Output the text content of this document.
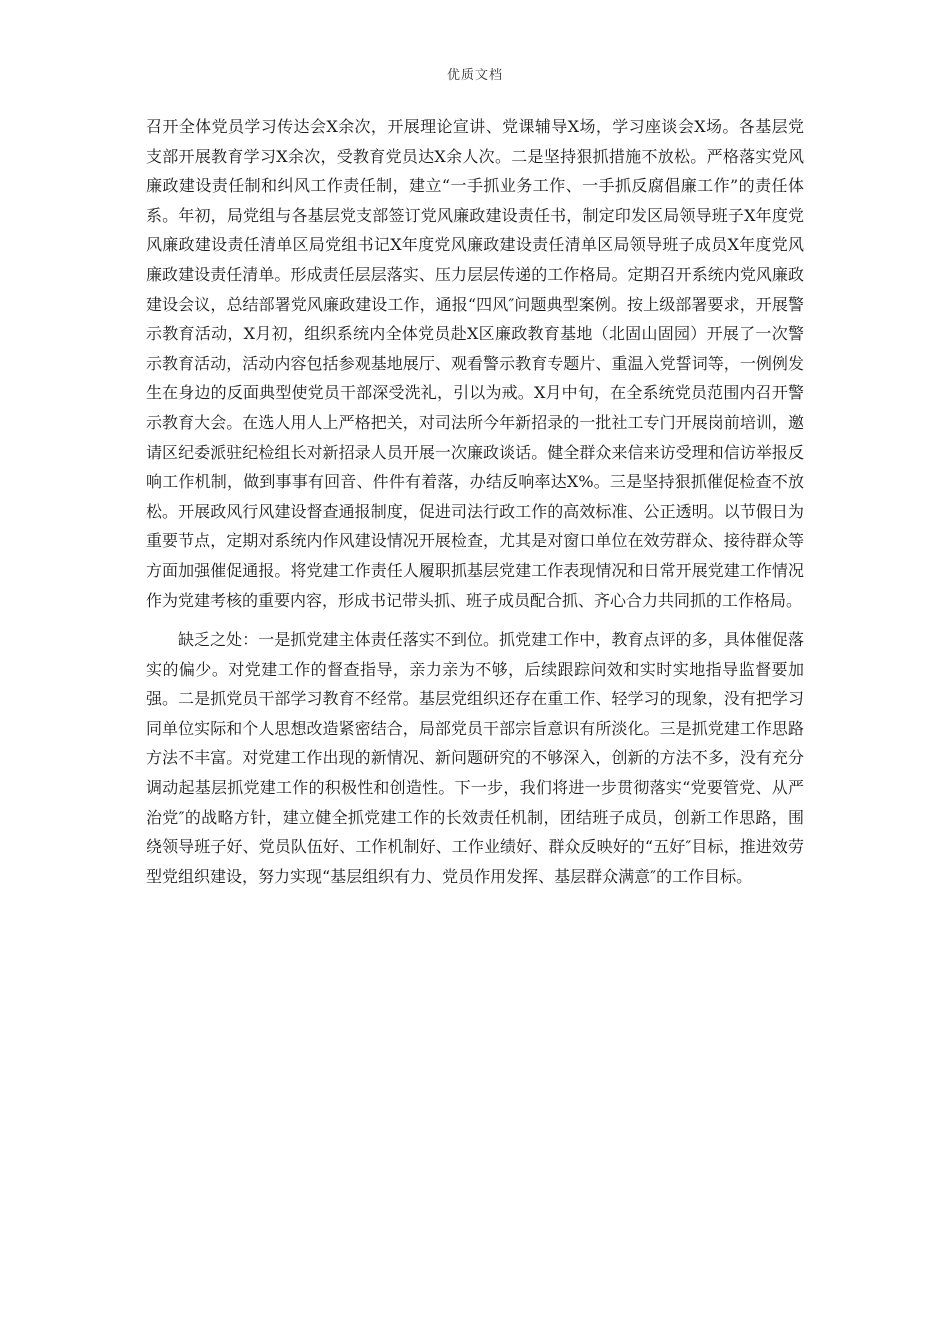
优质文档

召开全体党员学习传达会X余次，开展理论宣讲、党课辅导X场，学习座谈会X场。各基层党支部开展教育学习X余次，受教育党员达X余人次。二是坚持狠抓措施不放松。严格落实党风廉政建设责任制和纠风工作责任制，建立“一手抓业务工作、一手抓反腐倡廉工作”的责任体系。年初，局党组与各基层党支部签订党风廉政建设责任书，制定印发区局领导班子X年度党风廉政建设责任清单区局党组书记X年度党风廉政建设责任清单区局领导班子成员X年度党风廉政建设责任清单。形成责任层层落实、压力层层传递的工作格局。定期召开系统内党风廉政建设会议，总结部署党风廉政建设工作，通报“四风″问题典型案例。按上级部署要求，开展警示教育活动，X月初，组织系统内全体党员赴X区廉政教育基地（北固山固园）开展了一次警示教育活动，活动内容包括参观基地展厅、观看警示教育专题片、重温入党誓词等，一例例发生在身边的反面典型使党员干部深受洗礼，引以为戒。X月中旬，在全系统党员范围内召开警示教育大会。在选人用人上严格把关，对司法所今年新招录的一批社工专门开展岗前培训，邀请区纪委派驻纪检组长对新招录人员开展一次廉政谈话。健全群众来信来访受理和信访举报反响工作机制，做到事事有回音、件件有着落，办结反响率达X%。三是坚持狠抓催促检查不放松。开展政风行风建设督查通报制度，促进司法行政工作的高效标准、公正透明。以节假日为重要节点，定期对系统内作风建设情况开展检查，尤其是对窗口单位在效劳群众、接待群众等方面加强催促通报。将党建工作责任人履职抓基层党建工作表现情况和日常开展党建工作情况作为党建考核的重要内容，形成书记带头抓、班子成员配合抓、齐心合力共同抓的工作格局。

缺乏之处：一是抓党建主体责任落实不到位。抓党建工作中，教育点评的多，具体催促落实的偏少。对党建工作的督查指导，亲力亲为不够，后续跟踪问效和实时实地指导监督要加强。二是抓党员干部学习教育不经常。基层党组织还存在重工作、轻学习的现象，没有把学习同单位实际和个人思想改造紧密结合，局部党员干部宗旨意识有所淡化。三是抓党建工作思路方法不丰富。对党建工作出现的新情况、新问题研究的不够深入，创新的方法不多，没有充分调动起基层抓党建工作的积极性和创造性。下一步，我们将进一步贯彻落实“党要管党、从严治党″的战略方针，建立健全抓党建工作的长效责任机制，团结班子成员，创新工作思路，围绕领导班子好、党员队伍好、工作机制好、工作业绩好、群众反映好的“五好″目标，推进效劳型党组织建设，努力实现“基层组织有力、党员作用发挥、基层群众满意″的工作目标。
